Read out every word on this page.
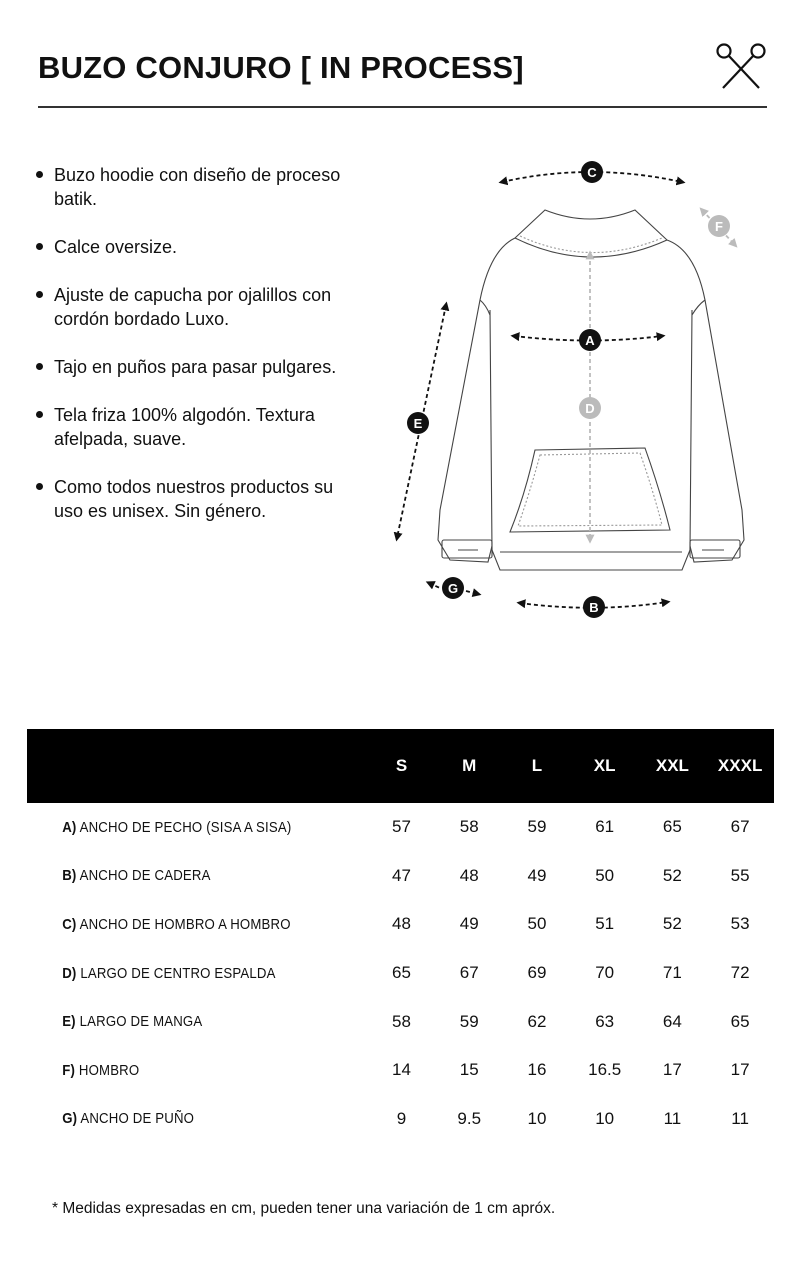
BUZO CONJURO [ IN PROCESS]
Buzo hoodie con diseño de proceso batik.
Calce oversize.
Ajuste de capucha por ojalillos con cordón bordado Luxo.
Tajo en puños para pasar pulgares.
Tela friza 100% algodón. Textura afelpada, suave.
Como todos nuestros productos su uso es unisex. Sin género.
C
A
D
E
F
G
B
	S	M	L	XL	XXL	XXXL
A) ANCHO DE PECHO (SISA A SISA)	57	58	59	61	65	67
B) ANCHO DE CADERA	47	48	49	50	52	55
C) ANCHO DE HOMBRO A HOMBRO	48	49	50	51	52	53
D) LARGO DE CENTRO ESPALDA	65	67	69	70	71	72
E) LARGO DE MANGA	58	59	62	63	64	65
F) HOMBRO	14	15	16	16.5	17	17
G) ANCHO DE PUÑO	9	9.5	10	10	11	11

* Medidas expresadas en cm, pueden tener una variación de 1 cm apróx.
